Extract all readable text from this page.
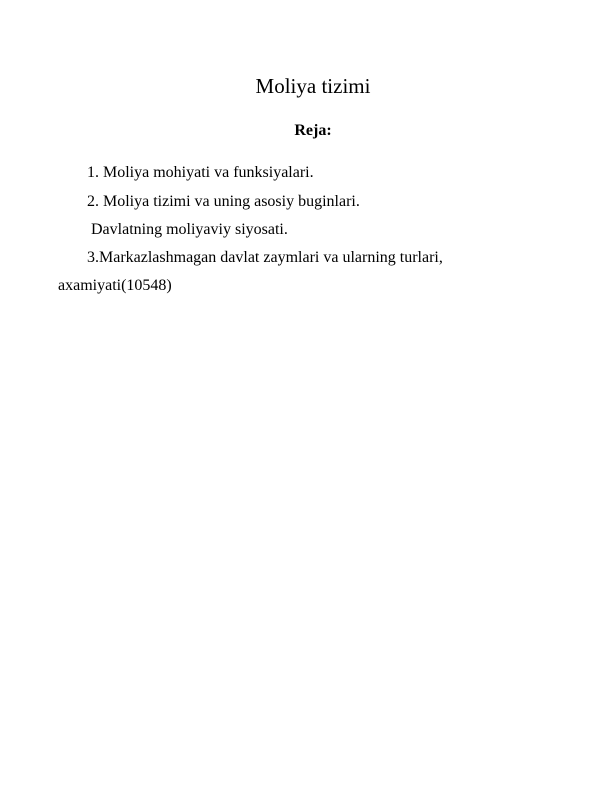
Moliya tizimi
Reja:
1. Moliya mohiyati va funksiyalari.
2. Moliya tizimi va uning asosiy buginlari.
Davlatning moliyaviy siyosati.
3.Markazlashmagan davlat zaymlari va ularning turlari,
axamiyati(10548)
